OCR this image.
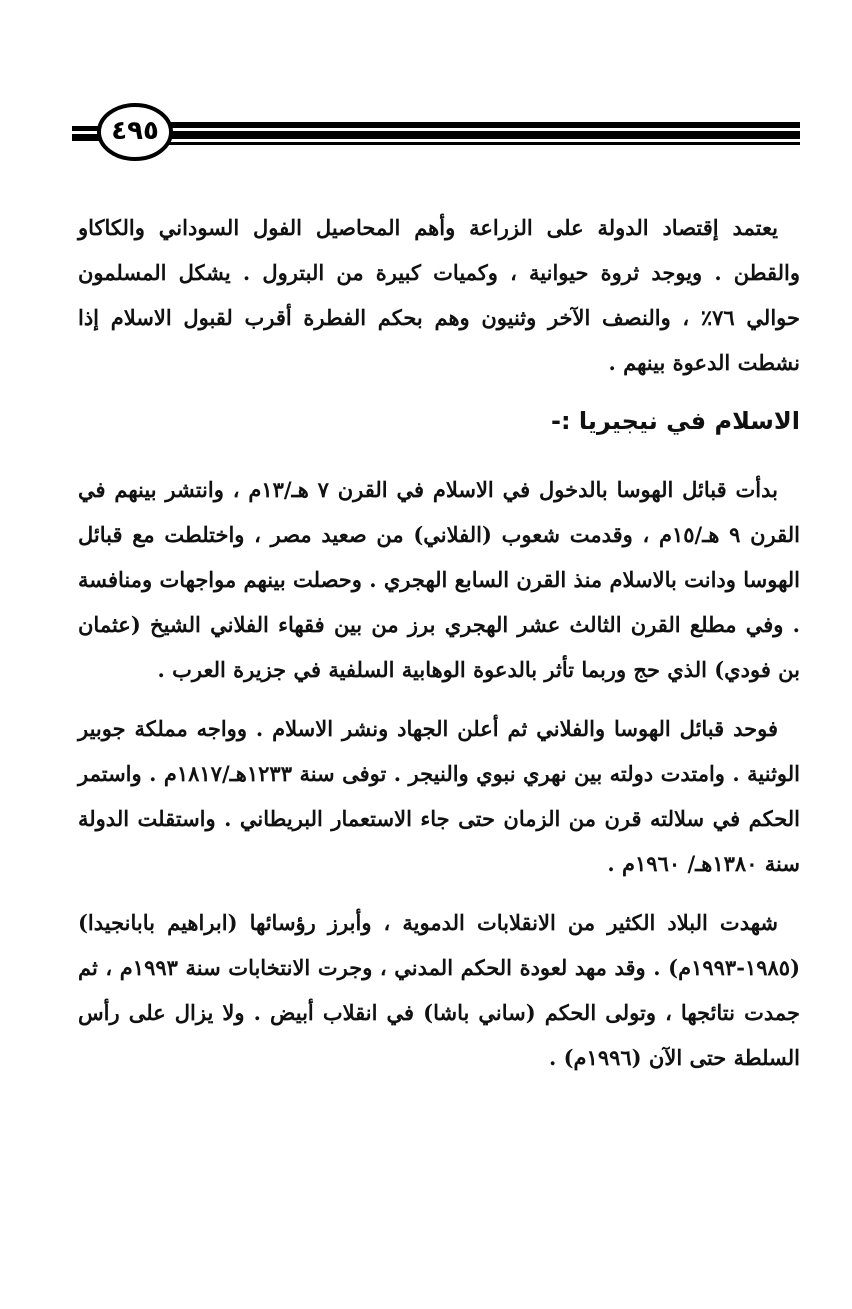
٤٩٥

يعتمد إقتصاد الدولة على الزراعة وأهم المحاصيل الفول السوداني والكاكاو والقطن . ويوجد ثروة حيوانية ، وكميات كبيرة من البترول . يشكل المسلمون حوالي ٧٦٪ ، والنصف الآخر وثنيون وهم بحكم الفطرة أقرب لقبول الاسلام إذا نشطت الدعوة بينهم .

الاسلام في نيجيريا :-

بدأت قبائل الهوسا بالدخول في الاسلام في القرن ٧ هـ/١٣م ، وانتشر بينهم في القرن ٩ هـ/١٥م ، وقدمت شعوب (الفلاني) من صعيد مصر ، واختلطت مع قبائل الهوسا ودانت بالاسلام منذ القرن السابع الهجري . وحصلت بينهم مواجهات ومنافسة . وفي مطلع القرن الثالث عشر الهجري برز من بين فقهاء الفلاني الشيخ (عثمان بن فودي) الذي حج وربما تأثر بالدعوة الوهابية السلفية في جزيرة العرب .

فوحد قبائل الهوسا والفلاني ثم أعلن الجهاد ونشر الاسلام . وواجه مملكة جوبير الوثنية . وامتدت دولته بين نهري نبوي والنيجر . توفى سنة ١٢٣٣هـ/١٨١٧م . واستمر الحكم في سلالته قرن من الزمان حتى جاء الاستعمار البريطاني . واستقلت الدولة سنة ١٣٨٠هـ/ ١٩٦٠م .

شهدت البلاد الكثير من الانقلابات الدموية ، وأبرز رؤسائها (ابراهيم بابانجيدا) (١٩٨٥-١٩٩٣م) . وقد مهد لعودة الحكم المدني ، وجرت الانتخابات سنة ١٩٩٣م ، ثم جمدت نتائجها ، وتولى الحكم (ساني باشا) في انقلاب أبيض . ولا يزال على رأس السلطة حتى الآن (١٩٩٦م) .
